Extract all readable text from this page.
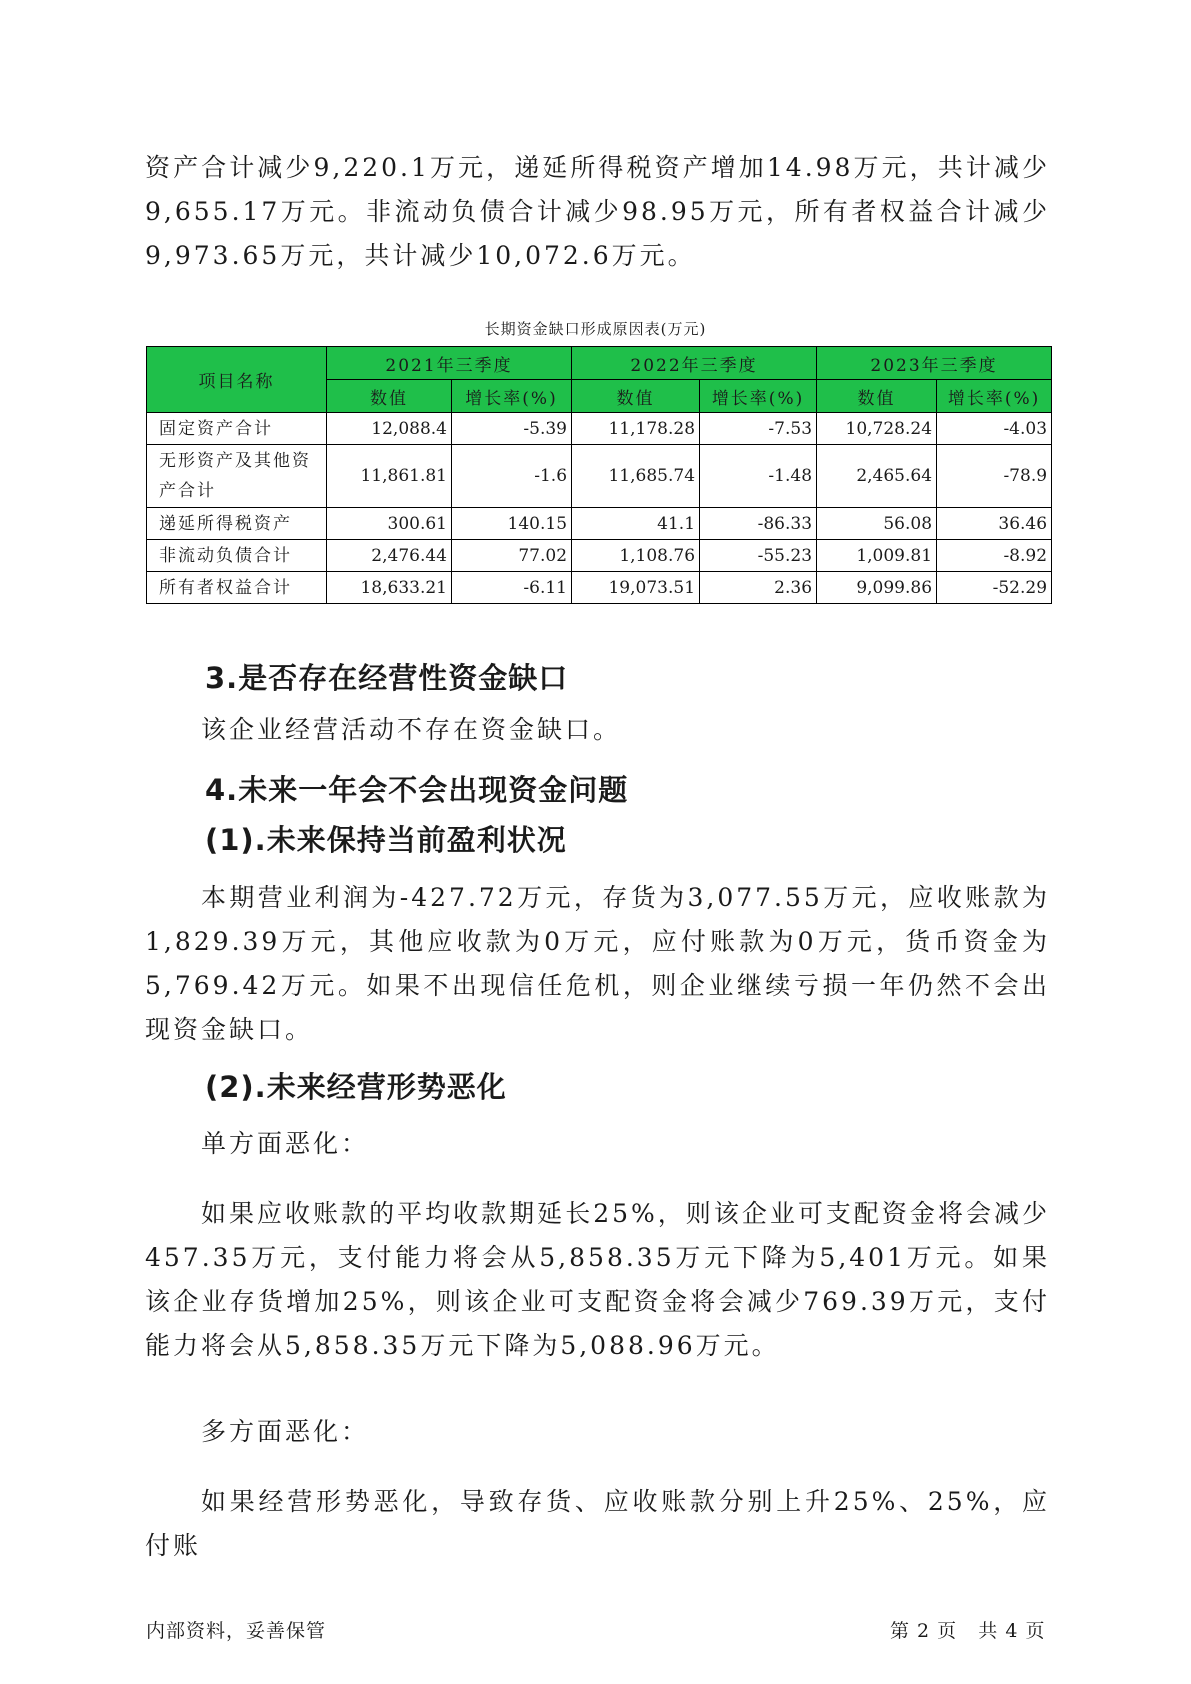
资产合计减少9,220.1万元，递延所得税资产增加14.98万元，共计减少9,655.17万元。非流动负债合计减少98.95万元，所有者权益合计减少9,973.65万元，共计减少10,072.6万元。

长期资金缺口形成原因表(万元)
项目名称	2021年三季度		2022年三季度		2023年三季度	
	数值	增长率(%)	数值	增长率(%)	数值	增长率(%)
固定资产合计	12,088.4	-5.39	11,178.28	-7.53	10,728.24	-4.03
无形资产及其他资产合计	11,861.81	-1.6	11,685.74	-1.48	2,465.64	-78.9
递延所得税资产	300.61	140.15	41.1	-86.33	56.08	36.46
非流动负债合计	2,476.44	77.02	1,108.76	-55.23	1,009.81	-8.92
所有者权益合计	18,633.21	-6.11	19,073.51	2.36	9,099.86	-52.29
3.是否存在经营性资金缺口

该企业经营活动不存在资金缺口。

4.未来一年会不会出现资金问题
(1).未来保持当前盈利状况

本期营业利润为-427.72万元，存货为3,077.55万元，应收账款为1,829.39万元，其他应收款为0万元，应付账款为0万元，货币资金为5,769.42万元。如果不出现信任危机，则企业继续亏损一年仍然不会出现资金缺口。

(2).未来经营形势恶化

单方面恶化：

如果应收账款的平均收款期延长25%，则该企业可支配资金将会减少457.35万元，支付能力将会从5,858.35万元下降为5,401万元。如果该企业存货增加25%，则该企业可支配资金将会减少769.39万元，支付能力将会从5,858.35万元下降为5,088.96万元。

多方面恶化：

如果经营形势恶化，导致存货、应收账款分别上升25%、25%，应付账

内部资料，妥善保管	第 2 页   共 4 页
